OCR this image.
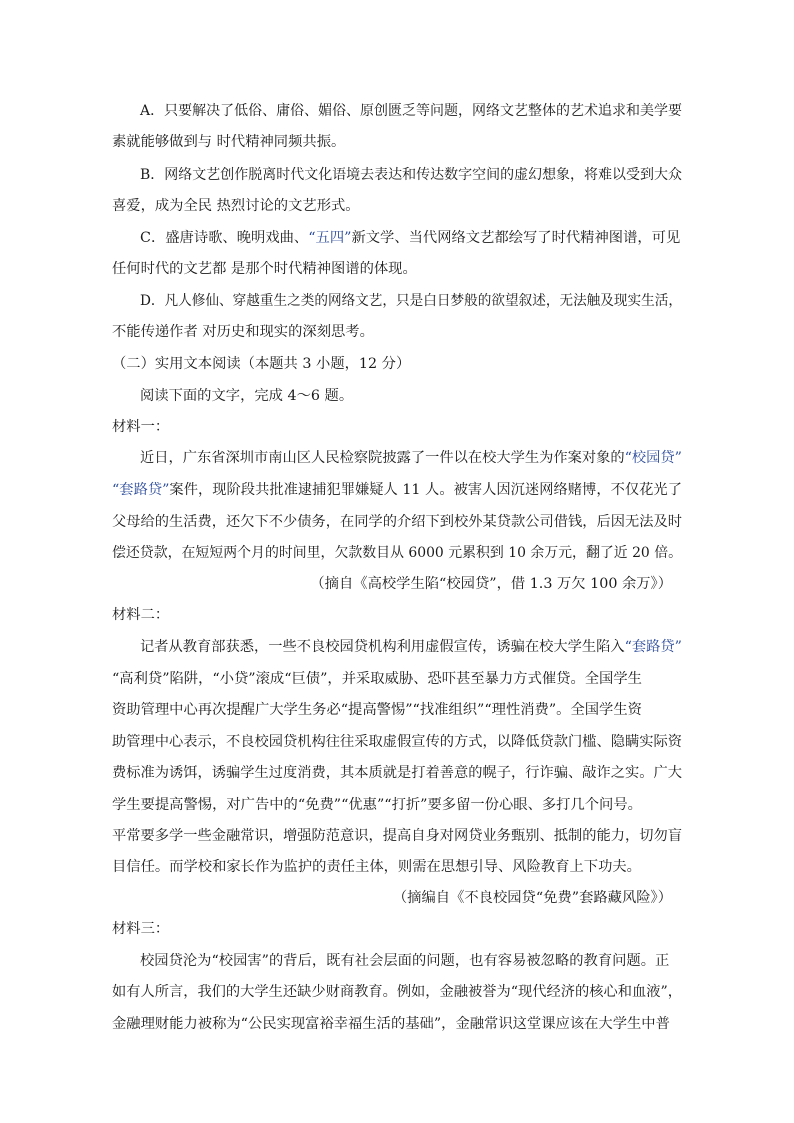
A．只要解决了低俗、庸俗、媚俗、原创匮乏等问题，网络文艺整体的艺术追求和美学要
素就能够做到与 时代精神同频共振。
B．网络文艺创作脱离时代文化语境去表达和传达数字空间的虚幻想象，将难以受到大众
喜爱，成为全民 热烈讨论的文艺形式。
C．盛唐诗歌、晚明戏曲、“五四”新文学、当代网络文艺都绘写了时代精神图谱，可见
任何时代的文艺都 是那个时代精神图谱的体现。
D．凡人修仙、穿越重生之类的网络文艺，只是白日梦般的欲望叙述，无法触及现实生活，
不能传递作者 对历史和现实的深刻思考。
（二）实用文本阅读（本题共 3 小题，12 分）
阅读下面的文字，完成 4～6 题。
材料一：
近日，广东省深圳市南山区人民检察院披露了一件以在校大学生为作案对象的“校园贷”
“套路贷”案件，现阶段共批准逮捕犯罪嫌疑人 11 人。被害人因沉迷网络赌博，不仅花光了
父母给的生活费，还欠下不少债务，在同学的介绍下到校外某贷款公司借钱，后因无法及时
偿还贷款，在短短两个月的时间里，欠款数目从 6000 元累积到 10 余万元，翻了近 20 倍。
（摘自《高校学生陷“校园贷”，借 1.3 万欠 100 余万》）
材料二：
记者从教育部获悉，一些不良校园贷机构利用虚假宣传，诱骗在校大学生陷入“套路贷”
“高利贷”陷阱，“小贷”滚成“巨债”，并采取威胁、恐吓甚至暴力方式催贷。全国学生
资助管理中心再次提醒广大学生务必“提高警惕”“找准组织”“理性消费”。全国学生资
助管理中心表示，不良校园贷机构往往采取虚假宣传的方式，以降低贷款门槛、隐瞒实际资
费标准为诱饵，诱骗学生过度消费，其本质就是打着善意的幌子，行诈骗、敲诈之实。广大
学生要提高警惕，对广告中的“免费”“优惠”“打折”要多留一份心眼、多打几个问号。
平常要多学一些金融常识，增强防范意识，提高自身对网贷业务甄别、抵制的能力，切勿盲
目信任。而学校和家长作为监护的责任主体，则需在思想引导、风险教育上下功夫。
（摘编自《不良校园贷“免费”套路藏风险》）
材料三：
校园贷沦为“校园害”的背后，既有社会层面的问题，也有容易被忽略的教育问题。正
如有人所言，我们的大学生还缺少财商教育。例如，金融被誉为“现代经济的核心和血液”，
金融理财能力被称为“公民实现富裕幸福生活的基础”，金融常识这堂课应该在大学生中普
